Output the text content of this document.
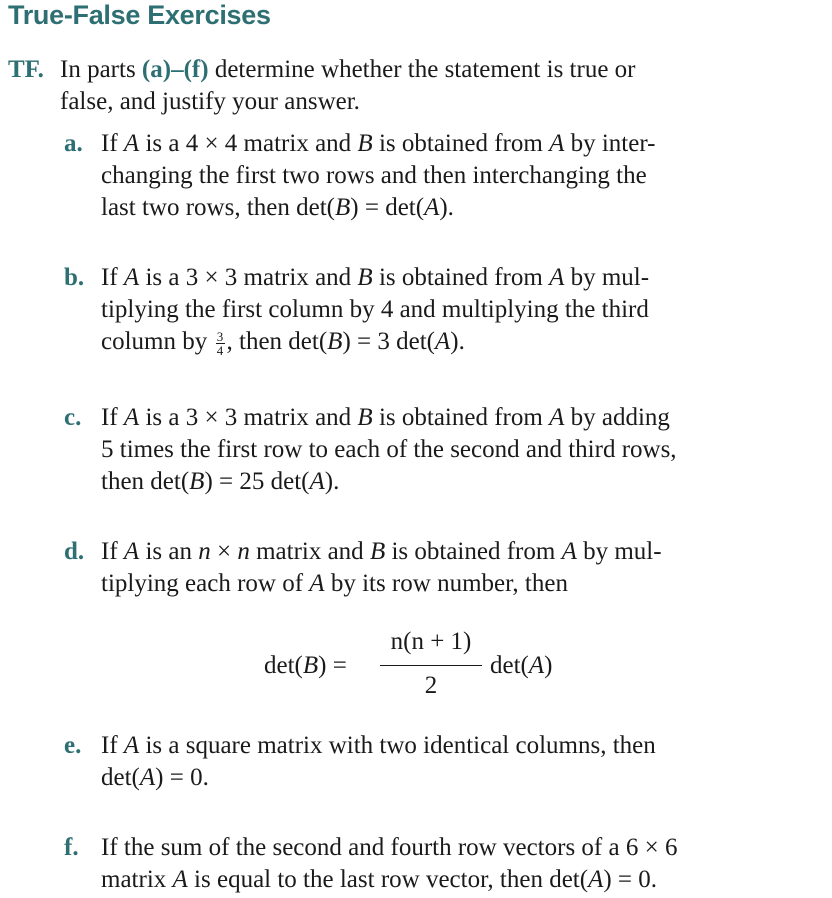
True-False Exercises
TF. In parts (a)–(f) determine whether the statement is true or
false, and justify your answer.
a. If A is a 4 × 4 matrix and B is obtained from A by inter-
changing the first two rows and then interchanging the
last two rows, then det(B) = det(A).
b. If A is a 3 × 3 matrix and B is obtained from A by mul-
tiplying the first column by 4 and multiplying the third
column by $\frac{3}{4}$ , then det(B) = 3 det(A).
c. If A is a 3 × 3 matrix and B is obtained from A by adding
5 times the first row to each of the second and third rows,
then det(B) = 25 det(A).
d. If A is an n × n matrix and B is obtained from A by mul-
tiplying each row of A by its row number, then
det(B) =
n(n + 1)
2
det(A)
e. If A is a square matrix with two identical columns, then
det(A) = 0.
f. If the sum of the second and fourth row vectors of a 6 × 6
matrix A is equal to the last row vector, then det(A) = 0.
